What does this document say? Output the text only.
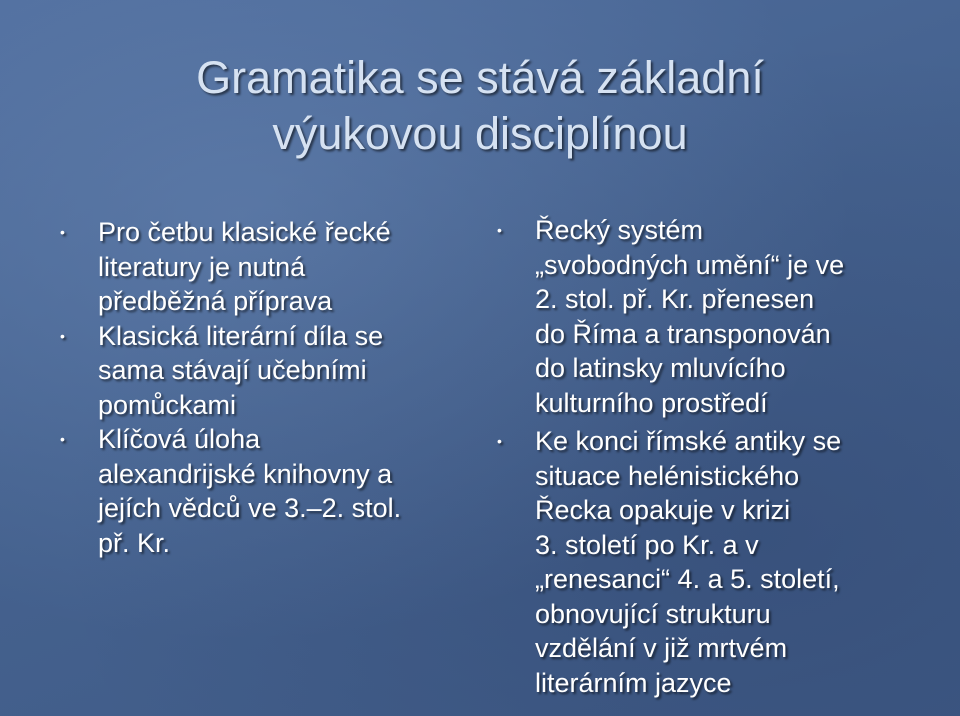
Gramatika se stává základní
výukovou disciplínou
• Pro četbu klasické řecké
literatury je nutná
předběžná příprava
• Klasická literární díla se
sama stávají učebními
pomůckami
• Klíčová úloha
alexandrijské knihovny a
jejích vědců ve 3.–2. stol.
př. Kr.
• Řecký systém
„svobodných umění“ je ve
2. stol. př. Kr. přenesen
do Říma a transponován
do latinsky mluvícího
kulturního prostředí
• Ke konci římské antiky se
situace helénistického
Řecka opakuje v krizi
3. století po Kr. a v
„renesanci“ 4. a 5. století,
obnovující strukturu
vzdělání v již mrtvém
literárním jazyce
